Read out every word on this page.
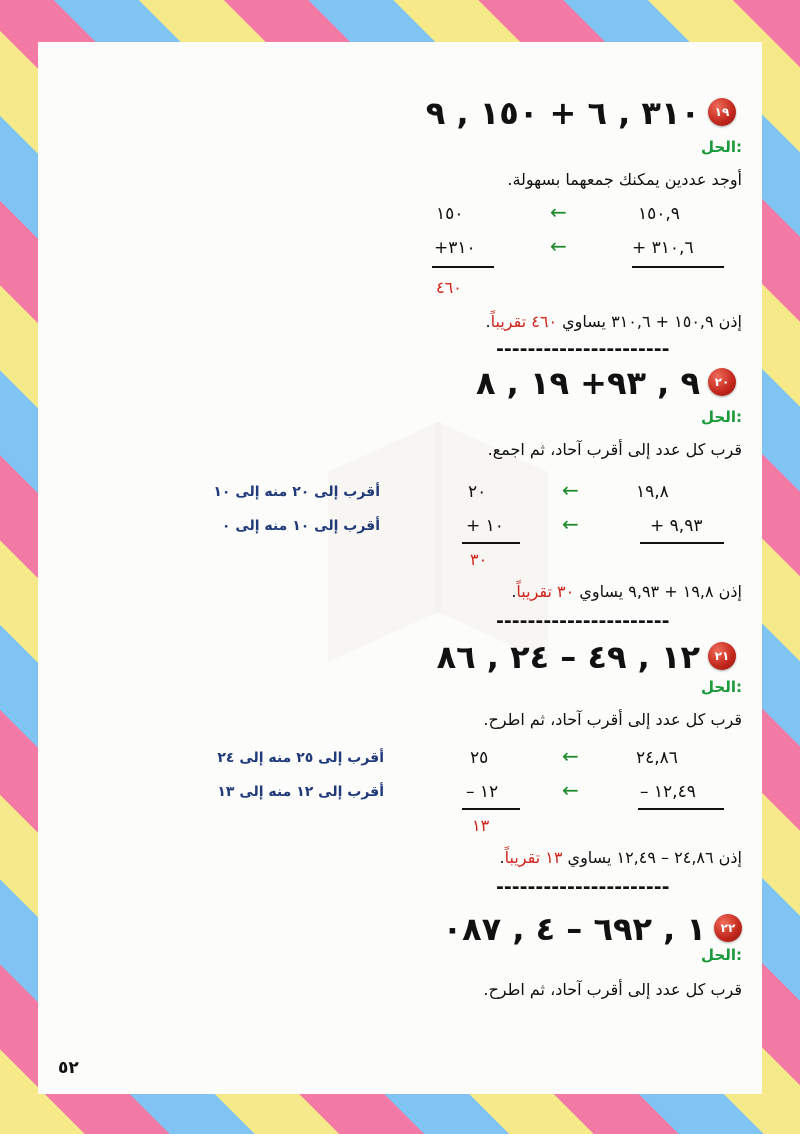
١٩
٣١٠ , ٦ + ١٥٠ , ٩
الحل:
أوجد عددين يمكنك جمعهما بسهولة.
١٥٠,٩
←
١٥٠
+ ٣١٠,٦
←
+٣١٠
٤٦٠
إذن ١٥٠,٩ + ٣١٠,٦ يساوي ٤٦٠ تقريباً.
----------------------
٢٠
٩ , ٩٣+ ١٩ , ٨
الحل:
قرب كل عدد إلى أقرب آحاد، ثم اجمع.
١٩,٨
←
٢٠
أقرب إلى ٢٠ منه إلى ١٠
+ ٩,٩٣
←
+ ١٠
أقرب إلى ١٠ منه إلى ٠
٣٠
إذن ١٩,٨ + ٩,٩٣ يساوي ٣٠ تقريباً.
----------------------
٢١
١٢ , ٤٩ – ٢٤ , ٨٦
الحل:
قرب كل عدد إلى أقرب آحاد، ثم اطرح.
٢٤,٨٦
←
٢٥
أقرب إلى ٢٥ منه إلى ٢٤
– ١٢,٤٩
←
– ١٢
أقرب إلى ١٢ منه إلى ١٣
١٣
إذن ٢٤,٨٦ – ١٢,٤٩ يساوي ١٣ تقريباً.
----------------------
٢٢
١ , ٦٩٢ – ٤ , ٠٨٧
الحل:
قرب كل عدد إلى أقرب آحاد، ثم اطرح.
٥٢
